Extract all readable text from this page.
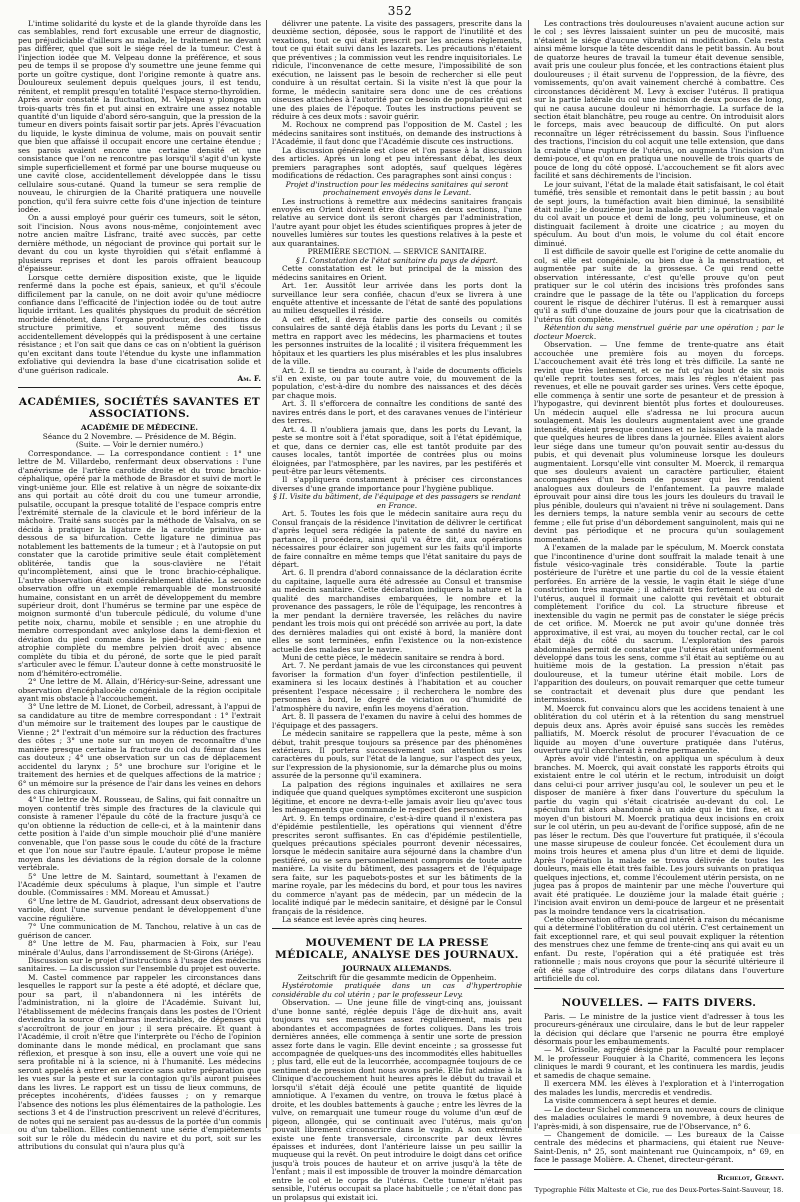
352

L'intime solidarité du kyste et de la glande thyroïde dans les cas semblables, rend fort excusable une erreur de diagnostic, peu préjudiciable d'ailleurs au malade, le traitement ne devant pas différer, quel que soit le siége réel de la tumeur. C'est à l'injection iodée que M. Velpeau donne la préférence, et sous peu de temps il se propose d'y soumettre une jeune femme qui porte un goître cystique, dont l'origine remonte à quatre ans. Douloureux seulement depuis quelques jours, il est tendu, rénitent, et remplit presqu'en totalité l'espace sterno-thyroïdien. Après avoir constaté la fluctuation, M. Velpeau y plongea un trois-quarts très fin et put ainsi en extraire une assez notable quantité d'un liquide d'abord séro-sanguin, que la pression de la tumeur en divers points faisait sortir par jets. Après l'évacuation du liquide, le kyste diminua de volume, mais on pouvait sentir que bien que affaissé il occupait encore une certaine étendue ; ses parois avaient encore une certaine densité et une consistance que l'on ne rencontre pas lorsqu'il s'agit d'un kyste simple superficiellement et formé par une bourse muqueuse ou une cavité close, accidentellement développée dans le tissu cellulaire sous-cutané. Quand la tumeur se sera remplie de nouveau, le chirurgien de la Charité pratiquera une nouvelle ponction, qu'il fera suivre cette fois d'une injection de teinture iodée.

On a aussi employé pour guérir ces tumeurs, soit le séton, soit l'incision. Nous avons nous-même, conjointement avec notre ancien maître Lisfranc, traité avec succès, par cette dernière méthode, un négociant de province qui portait sur le devant du cou un kyste thyroïdien qui s'était enflammé à plusieurs reprises et dont les parois offraient beaucoup d'épaisseur.

Lorsque cette dernière disposition existe, que le liquide renfermé dans la poche est épais, sanieux, et qu'il s'écoule difficilement par la canule, on ne doit avoir qu'une médiocre confiance dans l'efficacité de l'injection iodée ou de tout autre liquide irritant. Les qualités physiques du produit de sécrétion morbide dénotent, dans l'organe producteur, des conditions de structure primitive, et souvent même des tissus accidentellement développés qui la prédisposent à une certaine résistance ; et l'on sait que dans ce cas on n'obtient la guérison qu'en excitant dans toute l'étendue du kyste une inflammation exfoliative qui deviendra la base d'une cicatrisation solide et d'une guérison radicale.

Am. F.
ACADÉMIES, SOCIÉTÉS SAVANTES ET ASSOCIATIONS.
ACADÉMIE DE MÉDECINE.

Séance du 2 Novembre. — Présidence de M. Bégin.

(Suite. — Voir le dernier numéro.)

Correspondance. — La correspondance contient : 1° une lettre de M. Villardebo, renfermant deux observations : l'une d'anévrisme de l'artère carotide droite et du tronc brachio-céphalique, opéré par la méthode de Brasdor et suivi de mort le vingt-unième jour. Elle est relative à un nègre de soixante-dix ans qui portait au côté droit du cou une tumeur arrondie, pulsatile, occupant la presque totalité de l'espace compris entre l'extrémité sternale de la clavicule et le bord inférieur de la mâchoire. Traité sans succès par la méthode de Valsalva, on se décida à pratiquer la ligature de la carotide primitive au-dessous de sa bifurcation. Cette ligature ne diminua pas notablement les battements de la tumeur ; et à l'autopsie on put constater que la carotide primitive seule était complètement oblitérée, tandis que la sous-clavière ne l'était qu'incomplètement, ainsi que le tronc brachio-céphalique. L'autre observation était considérablement dilatée. La seconde observation offre un exemple remarquable de monstruosité humaine, consistant en un arrêt de développement du membre supérieur droit, dont l'humérus se termine par une espèce de moignon surmonté d'un tubercule pédiculé, du volume d'une petite noix, charnu, mobile et sensible ; en une atrophie du membre correspondant avec ankylose dans la demi-flexion et déviation du pied comme dans le pied-bot équin ; en une atrophie complète du membre pelvien droit avec absence complète du tibia et du péroné, de sorte que le pied paraît s'articuler avec le fémur. L'auteur donne à cette monstruosité le nom d'hémitéro-ectromélie.

2° Une lettre de M. Allain, d'Héricy-sur-Seine, adressant une observation d'encéphalocèle congéniale de la région occipitale ayant mis obstacle à l'accouchement.

3° Une lettre de M. Lionet, de Corbeil, adressant, à l'appui de sa candidature au titre de membre correspondant : 1° l'extrait d'un mémoire sur le traitement des loupes par le caustique de Vienne ; 2° l'extrait d'un mémoire sur la réduction des fractures des côtes ; 3° une note sur un moyen de reconnaître d'une manière presque certaine la fracture du col du fémur dans les cas douteux ; 4° une observation sur un cas de déplacement accidentel du larynx ; 5° une brochure sur l'origine et le traitement des hernies et de quelques affections de la matrice ; 6° un mémoire sur la présence de l'air dans les veines en dehors des cas chirurgicaux.

4° Une lettre de M. Rousseau, de Salins, qui fait connaître un moyen contentif très simple des fractures de la clavicule qui consiste à ramener l'épaule du côté de la fracture jusqu'à ce qu'on obtienne la réduction de celle-ci, et à la maintenir dans cette position à l'aide d'un simple mouchoir plié d'une manière convenable, que l'on passe sous le coude du côté de la fracture et que l'on noue sur l'autre épaule. L'auteur propose le même moyen dans les déviations de la région dorsale de la colonne vertébrale.

5° Une lettre de M. Saintard, soumettant à l'examen de l'Académie deux spéculums à plaque, l'un simple et l'autre double. (Commissaires : MM. Moreau et Amussat.)

6° Une lettre de M. Gaudriot, adressant deux observations de variole, dont l'une survenue pendant le développement d'une vaccine régulière.

7° Une communication de M. Tanchou, relative à un cas de guérison de cancer.

8° Une lettre de M. Fau, pharmacien à Foix, sur l'eau minérale d'Aulus, dans l'arrondissement de St-Girons (Ariége).

Discussion sur le projet d'instructions à l'usage des médecins sanitaires. — La discussion sur l'ensemble du projet est ouverte.

M. Castel commence par rappeler les circonstances dans lesquelles le rapport sur la peste a été adopté, et déclare que, pour sa part, il n'abandonnera ni les intérêts de l'administration, ni la gloire de l'Académie. Suivant lui, l'établissement de médecins français dans les postes de l'Orient deviendra la source d'embarras inextricables, de dépenses qui s'accroîtront de jour en jour ; il sera précaire. Et quant à l'Académie, il croit n'être que l'interprète ou l'écho de l'opinion dominante dans le monde médical, en proclamant que sans réflexion, et presque à son insu, elle a ouvert une voie qui ne sera profitable ni à la science, ni à l'humanité. Les médecins seront appelés à entrer en exercice sans autre préparation que les vues sur la peste et sur la contagion qu'ils auront puisées dans les livres. Le rapport est un tissu de lieux communs, de préceptes incohérents, d'idées fausses ; on y remarque l'absence des notions les plus élémentaires de la pathologie. Les sections 3 et 4 de l'instruction prescrivent un relevé d'écritures, de notes qui ne seraient pas au-dessus de la portée d'un commis ou d'un tabellion. Elles contiennent une série d'empiètements soit sur le rôle du médecin du navire et du port, soit sur les attributions du consulat qui n'aura plus qu'à

délivrer une patente. La visite des passagers, prescrite dans la deuxième section, déposée, sous le rapport de l'inutilité et des vexations, tout ce qui était prescrit par les anciens règlements, tout ce qui était suivi dans les lazarets. Les précautions n'étaient que préventives ; la commission veut les rendre inquisitoriales. Le ridicule, l'inconvenance de cette mesure, l'impossibilité de son exécution, ne laissent pas le besoin de rechercher si elle peut conduire à un résultat certain. Si la visite n'est là que pour la forme, le médecin sanitaire sera donc une de ces créations oiseuses attachées à l'autorité par ce besoin de popularité qui est une des plaies de l'époque. Toutes les instructions peuvent se réduire à ces deux mots : savoir guérir.

M. Rochoux ne comprend pas l'opposition de M. Castel ; les médecins sanitaires sont institués, on demande des instructions à l'Académie, il faut donc que l'Académie discute ces instructions.

La discussion générale est close et l'on passe à la discussion des articles. Après un long et peu intéressant débat, les deux premiers paragraphes sont adoptés, sauf quelques légères modifications de rédaction. Ces paragraphes sont ainsi conçus :

Projet d'instruction pour les médecins sanitaires qui seront prochainement envoyés dans le Levant.

Les instructions à remettre aux médecins sanitaires français envoyés en Orient doivent être divisées en deux sections, l'une relative au service dont ils seront chargés par l'administration, l'autre ayant pour objet les études scientifiques propres à jeter de nouvelles lumières sur toutes les questions relatives à la peste et aux quarantaines.

PREMIÈRE SECTION. — SERVICE SANITAIRE.

§ I. Constatation de l'état sanitaire du pays de départ.

Cette constatation est le but principal de la mission des médecins sanitaires en Orient.

Art. 1er. Aussitôt leur arrivée dans les ports dont la surveillance leur sera confiée, chacun d'eux se livrera à une enquête attentive et incessante de l'état de santé des populations au milieu desquelles il réside.

A cet effet, il devra faire partie des conseils ou comités consulaires de santé déjà établis dans les ports du Levant ; il se mettra en rapport avec les médecins, les pharmaciens et toutes les personnes instruites de la localité ; il visitera fréquemment les hôpitaux et les quartiers les plus misérables et les plus insalubres de la ville.

Art. 2. Il se tiendra au courant, à l'aide de documents officiels s'il en existe, ou par toute autre voie, du mouvement de la population, c'est-à-dire du nombre des naissances et des décès par chaque mois.

Art. 3. Il s'efforcera de connaître les conditions de santé des navires entrés dans le port, et des caravanes venues de l'intérieur des terres.

Art. 4. Il n'oubliera jamais que, dans les ports du Levant, la peste se montre soit à l'état sporadique, soit à l'état épidémique, et que, dans ce dernier cas, elle est tantôt produite par des causes locales, tantôt importée de contrées plus ou moins éloignées, par l'atmosphère, par les navires, par les pestiférés et peut-être par leurs vêtements.

Il s'appliquera constamment à préciser ces circonstances diverses d'une grande importance pour l'hygiène publique.

§ II. Visite du bâtiment, de l'équipage et des passagers se rendant en France.

Art. 5. Toutes les fois que le médecin sanitaire aura reçu du Consul français de la résidence l'invitation de délivrer le certificat d'après lequel sera rédigée la patente de santé du navire en partance, il procédera, ainsi qu'il va être dit, aux opérations nécessaires pour éclairer son jugement sur les faits qu'il importe de faire connaître en même temps que l'état sanitaire du pays de départ.

Art. 6. Il prendra d'abord connaissance de la déclaration écrite du capitaine, laquelle aura été adressée au Consul et transmise au médecin sanitaire. Cette déclaration indiquera la nature et la qualité des marchandises embarquées, le nombre et la provenance des passagers, le rôle de l'équipage, les rencontres à la mer pendant la dernière traversée, les relâches du navire pendant les trois mois qui ont précédé son arrivée au port, la date des dernières maladies qui ont existé à bord, la manière dont elles se sont terminées, enfin l'existence ou la non-existence actuelle des malades sur le navire.

Muni de cette pièce, le médecin sanitaire se rendra à bord.

Art. 7. Ne perdant jamais de vue les circonstances qui peuvent favoriser la formation d'un foyer d'infection pestilentielle, il examinera si les locaux destinés à l'habitation et au coucher présentent l'espace nécessaire ; il recherchera le nombre des personnes à bord, le degré de viciation ou d'humidité de l'atmosphère du navire, enfin les moyens d'aération.

Art. 8. Il passera de l'examen du navire à celui des hommes de l'équipage et des passagers.

Le médecin sanitaire se rappellera que la peste, même à son début, trahit presque toujours sa présence par des phénomènes extérieurs. Il portera successivement son attention sur les caractères du pouls, sur l'état de la langue, sur l'aspect des yeux, sur l'expression de la physionomie, sur la démarche plus ou moins assurée de la personne qu'il examinera.

La palpation des régions inguinales et axillaires ne sera indiquée que quand quelques symptômes exciteront une suspicion légitime, et encore ne devra-t-elle jamais avoir lieu qu'avec tous les ménagements que commande le respect des personnes.

Art. 9. En temps ordinaire, c'est-à-dire quand il n'existera pas d'épidémie pestilentielle, les opérations qui viennent d'être prescrites seront suffisantes. En cas d'épidémie pestilentielle, quelques précautions spéciales pourront devenir nécessaires, lorsque le médecin sanitaire aura séjourné dans la chambre d'un pestiféré, ou se sera personnellement compromis de toute autre manière. La visite du bâtiment, des passagers et de l'équipage sera faite, sur les paquebots-postes et sur les bâtiments de la marine royale, par les médecins du bord, et pour tous les navires du commerce n'ayant pas de médecin, par un médecin de la localité indiqué par le médecin sanitaire, et désigné par le Consul français de la résidence.

La séance est levée après cinq heures.

MOUVEMENT DE LA PRESSE MÉDICALE, ANALYSE DES JOURNAUX.
JOURNAUX ALLEMANDS.

Zeitschrift für die gesammte medicin de Oppenheim.

Hystérotomie pratiquée dans un cas d'hypertrophie considérable du col utérin ; par le professeur Levy.

Observation. — Une jeune fille de vingt-cinq ans, jouissant d'une bonne santé, réglée depuis l'âge de dix-huit ans, avait toujours vu ses menstrues assez régulièrement, mais peu abondantes et accompagnées de fortes coliques. Dans les trois dernières années, elle commença à sentir une sorte de pression assez forte dans le vagin. Elle devint enceinte ; sa grossesse fut accompagnée de quelques-uns des incommodités elles habituelles ; plus tard, elle eut de la leucorrhée, accompagnée toujours de ce sentiment de pression dont nous avons parlé. Elle fut admise à la Clinique d'accouchement huit heures après le début du travail et lorsqu'il s'était déjà écoulé une petite quantité de liquide amniotique. A l'examen du ventre, on trouva le fœtus placé à droite, et les doubles battements à gauche ; entre les lèvres de la vulve, on remarquait une tumeur rouge du volume d'un œuf de pigeon, allongée, qui se continuait avec l'utérus, mais qu'on pouvait librement circonscrire dans le vagin. A son extrémité existe une fente transversale, circonscrite par deux lèvres épaisses et indurées, dont l'antérieure laisse un peu saillir la muqueuse qui la revêt. On peut introduire le doigt dans cet orifice jusqu'à trois pouces de hauteur et on arrive jusqu'à la tête de l'enfant ; mais il est impossible de trouver la moindre démarcation entre le col et le corps de l'utérus. Cette tumeur n'était pas sensible, l'utérus occupait sa place habituelle ; ce n'était donc pas un prolapsus qui existait ici.

Les contractions très douloureuses n'avaient aucune action sur le col ; ses lèvres laissaient suinter un peu de mucosité, mais n'étaient le siége d'aucune vibration ni modification. Cela resta ainsi même lorsque la tête descendit dans le petit bassin. Au bout de quatorze heures de travail la tumeur était devenue sensible, avait pris une couleur plus foncée, et les contractions étaient plus douloureuses ; il était survenu de l'oppression, de la fièvre, des vomissements, qu'on avait vainement cherché à combattre. Ces circonstances décidèrent M. Levy à exciser l'utérus. Il pratiqua sur la partie latérale du col une incision de deux pouces de long, qui ne causa aucune douleur ni hémorrhagie. La surface de la section était blanchâtre, peu rouge au centre. On introduisit alors le forceps, mais avec beaucoup de difficulté. On put alors reconnaître un léger rétrécissement du bassin. Sous l'influence des tractions, l'incision du col acquit une telle extension, que dans la crainte d'une rupture de l'utérus, on augmenta l'incision d'un demi-pouce, et qu'on en pratiqua une nouvelle de trois quarts de pouce de long du côté opposé. L'accouchement se fit alors avec facilité et sans déchirements de l'incision.

Le jour suivant, l'état de la malade était satisfaisant, le col était tuméfié, très sensible et remontait dans le petit bassin ; au bout de sept jours, la tuméfaction avait bien diminué, la sensibilité était nulle ; le douzième jour la malade sortit ; la portion vaginale du col avait un pouce et demi de long, peu volumineuse, et on distinguait facilement à droite une cicatrice ; au moyen du spéculum. Au bout d'un mois, le volume du col était encore diminué.

Il est difficile de savoir quelle est l'origine de cette anomalie du col, si elle est congéniale, ou bien due à la menstruation, et augmentée par suite de la grossesse. Ce qui rend cette observation intéressante, c'est qu'elle prouve qu'on peut pratiquer sur le col utérin des incisions très profondes sans craindre que le passage de la tête ou l'application du forceps courent le risque de déchirer l'utérus. Il est à remarquer aussi qu'il a suffi d'une douzaine de jours pour que la cicatrisation de l'utérus fût complète.

Rétention du sang menstruel guérie par une opération ; par le docteur Moerck.

Observation. — Une femme de trente-quatre ans était accouchée une première fois au moyen du forceps. L'accouchement avait été très long et très difficile. La santé ne revint que très lentement, et ce ne fut qu'au bout de six mois qu'elle reprit toutes ses forces, mais les règles n'étaient pas revenues, et elle ne pouvait garder ses urines. Vers cette époque, elle commença à sentir une sorte de pesanteur et de pression à l'hypogastre, qui devinrent bientôt plus fortes et douloureuses. Un médecin auquel elle s'adressa ne lui procura aucun soulagement. Mais les douleurs augmentaient avec une grande intensité, étaient presque continues et ne laissaient à la malade que quelques heures de libres dans la journée. Elles avaient alors leur siége dans une tumeur qu'on pouvait sentir au-dessus du pubis, et qui devenait plus volumineuse lorsque les douleurs augmentaient. Lorsqu'elle vint consulter M. Moerck, il remarqua que ses douleurs avaient un caractère particulier, étaient accompagnées d'un besoin de pousser qui les rendaient analogues aux douleurs de l'enfantement. La pauvre malade éprouvait pour ainsi dire tous les jours les douleurs du travail le plus pénible, douleurs qui n'avaient ni trêve ni soulagement. Dans les derniers temps, la nature sembla venir au secours de cette femme ; elle fut prise d'un débordement sanguinolent, mais qui ne devint pas périodique et ne procura qu'un soulagement momentané.

A l'examen de la malade par le spéculum, M. Moerck constata que l'incontinence d'urine dont souffrait la malade tenait à une fistule vésico-vaginale très considérable. Toute la partie postérieure de l'urètre et une partie du col de la vessie étaient perforées. En arrière de la vessie, le vagin était le siége d'une constriction très marquée ; il adhérait très fortement au col de l'utérus, auquel il formait une calotte qui revêtait et obturait complètement l'orifice du col. La structure fibreuse et inextensible du vagin ne permit pas de constater le siége précis de cet orifice. M. Moerck ne put avoir qu'une donnée très approximative, il est vrai, au moyen du toucher rectal, car le col était déjà du côté du sacrum. L'exploration des parois abdominales permit de constater que l'utérus était uniformément développé dans tous les sens, comme s'il était au septième ou au huitième mois de la gestation. La pression n'était pas douloureuse, et la tumeur utérine était mobile. Lors de l'apparition des douleurs, on pouvait remarquer que cette tumeur se contractait et devenait plus dure que pendant les intermissions.

M. Moerck fut convaincu alors que les accidens tenaient à une oblitération du col utérin et à la rétention du sang menstruel depuis deux ans. Après avoir épuisé sans succès les remèdes palliatifs, M. Moerck résolut de procurer l'évacuation de ce liquide au moyen d'une ouverture pratiquée dans l'utérus, ouverture qu'il chercherait à rendre permanente.

Après avoir vidé l'intestin, on appliqua un spéculum à deux branches. M. Moerck, qui avait constaté les rapports étroits qui existaient entre le col utérin et le rectum, introduisit un doigt dans celui-ci pour arriver jusqu'au col, le soulever un peu et le disposer de manière à fixer dans l'ouverture du spéculum la partie du vagin qui s'était cicatrisée au-devant du col. Le spéculum fut alors abandonné à un aide qui le tint fixe, et au moyen d'un bistouri M. Moerck pratiqua deux incisions en croix sur le col utérin, un peu au-devant de l'orifice supposé, afin de ne pas léser le rectum. Dès que l'ouverture fut pratiquée, il s'écoula une masse sirupeuse de couleur foncée. Cet écoulement dura un moins trois heures et amena plus d'un litre et demi de liquide. Après l'opération la malade se trouva délivrée de toutes les douleurs, mais elle était très faible. Les jours suivants on pratiqua quelques injections, et, comme l'écoulement utérin persista, on ne jugea pas à propos de maintenir par une mèche l'ouverture qui avait été pratiquée. Le douzième jour la malade était guérie ; l'incision avait environ un demi-pouce de largeur et ne présentait pas la moindre tendance vers la cicatrisation.

Cette observation offre un grand intérêt à raison du mécanisme qui a déterminé l'oblitération du col utérin. C'est certainement un fait exceptionnel rare, et qui seul pouvait expliquer la rétention des menstrues chez une femme de trente-cinq ans qui avait eu un enfant. Du reste, l'opération qui a été pratiquée est très rationnelle ; mais nous croyons que pour la sécurité ultérieure il eût été sage d'introduire des corps dilatans dans l'ouverture artificielle du col.

NOUVELLES. — FAITS DIVERS.

Paris. — Le ministre de la justice vient d'adresser à tous les procureurs-généraux une circulaire, dans le but de leur rappeler la décision qui déclare que l'arsenic ne pourra être employé désormais pour les embaumements.

— M. Grisolle, agrégé désigné par la Faculté pour remplacer M. le professeur Fouquier à la Charité, commencera les leçons cliniques le mardi 9 courant, et les continuera les mardis, jeudis et samedis de chaque semaine.

Il exercera MM. les élèves à l'exploration et à l'interrogation des malades les lundis, mercredis et vendredis.

La visite commencera à sept heures et demie.

— Le docteur Sichel commencera un nouveau cours de clinique des maladies oculaires le mardi 9 novembre, à deux heures de l'après-midi, à son dispensaire, rue de l'Observance, n° 6.

— Changement de domicile. — Les bureaux de la Caisse centrale des médecins et pharmaciens, qui étaient rue Neuve-Saint-Denis, n° 25, sont maintenant rue Quincampoix, n° 69, en face le passage Molière. A. Chenet, directeur-gérant.

Richelot, Gérant.
Typographie Félix Malteste et Cie, rue des Deux-Portes-Saint-Sauveur, 18.
